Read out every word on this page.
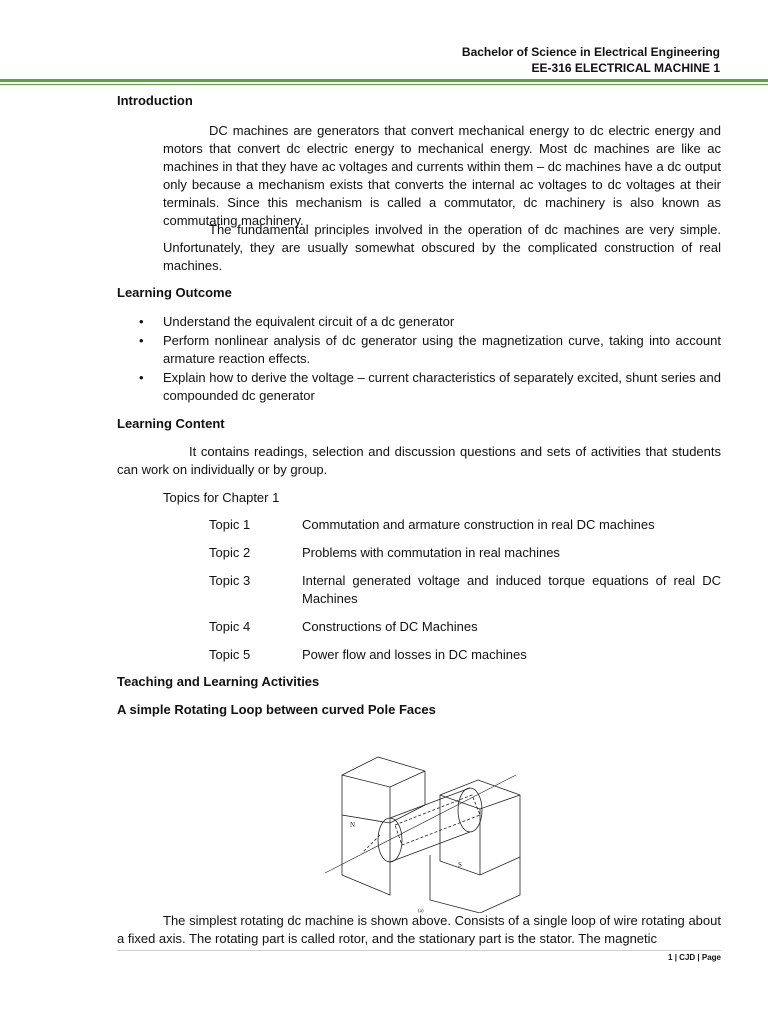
Bachelor of Science in Electrical Engineering
EE-316 ELECTRICAL MACHINE 1
Introduction
DC machines are generators that convert mechanical energy to dc electric energy and motors that convert dc electric energy to mechanical energy. Most dc machines are like ac machines in that they have ac voltages and currents within them – dc machines have a dc output only because a mechanism exists that converts the internal ac voltages to dc voltages at their terminals. Since this mechanism is called a commutator, dc machinery is also known as commutating machinery.
The fundamental principles involved in the operation of dc machines are very simple. Unfortunately, they are usually somewhat obscured by the complicated construction of real machines.
Learning Outcome
• Understand the equivalent circuit of a dc generator
• Perform nonlinear analysis of dc generator using the magnetization curve, taking into account armature reaction effects.
• Explain how to derive the voltage – current characteristics of separately excited, shunt series and compounded dc generator
Learning Content
It contains readings, selection and discussion questions and sets of activities that students can work on individually or by group.
Topics for Chapter 1
Topic 1	Commutation and armature construction in real DC machines
Topic 2	Problems with commutation in real machines
Topic 3	Internal generated voltage and induced torque equations of real DC Machines
Topic 4	Constructions of DC Machines
Topic 5	Power flow and losses in DC machines
Teaching and Learning Activities
A simple Rotating Loop between curved Pole Faces
N
S
(a)
The simplest rotating dc machine is shown above. Consists of a single loop of wire rotating about a fixed axis. The rotating part is called rotor, and the stationary part is the stator. The magnetic
1 | CJD | Page
